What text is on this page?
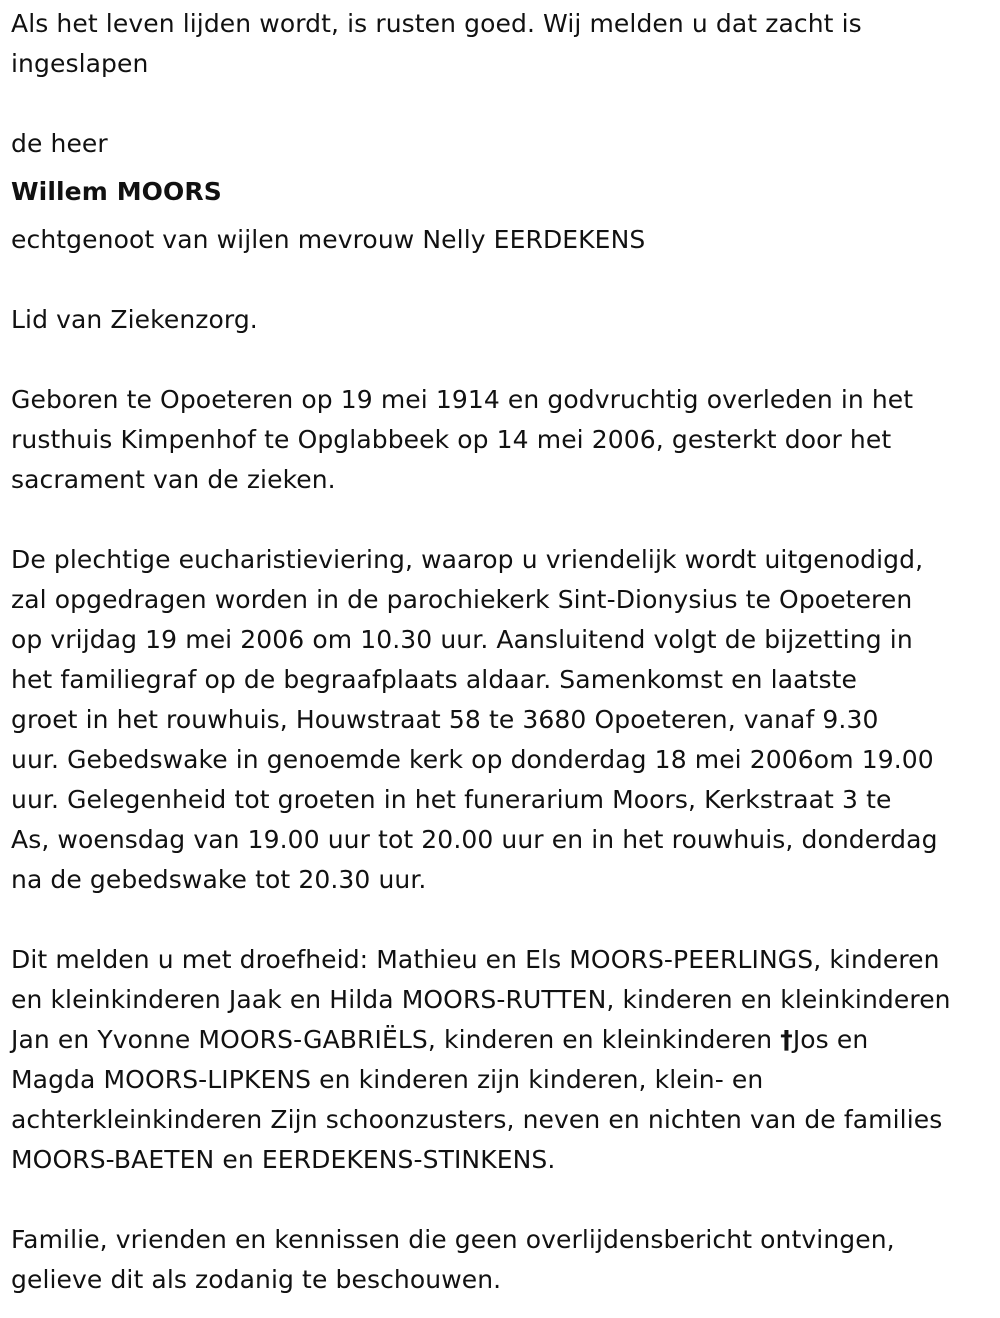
Als het leven lijden wordt, is rusten goed. Wij melden u dat zacht is
ingeslapen

de heer

Willem MOORS

echtgenoot van wijlen mevrouw Nelly EERDEKENS

Lid van Ziekenzorg.

Geboren te Opoeteren op 19 mei 1914 en godvruchtig overleden in het
rusthuis Kimpenhof te Opglabbeek op 14 mei 2006, gesterkt door het
sacrament van de zieken.

De plechtige eucharistieviering, waarop u vriendelijk wordt uitgenodigd,
zal opgedragen worden in de parochiekerk Sint-Dionysius te Opoeteren
op vrijdag 19 mei 2006 om 10.30 uur. Aansluitend volgt de bijzetting in
het familiegraf op de begraafplaats aldaar. Samenkomst en laatste
groet in het rouwhuis, Houwstraat 58 te 3680 Opoeteren, vanaf 9.30
uur. Gebedswake in genoemde kerk op donderdag 18 mei 2006om 19.00
uur. Gelegenheid tot groeten in het funerarium Moors, Kerkstraat 3 te
As, woensdag van 19.00 uur tot 20.00 uur en in het rouwhuis, donderdag
na de gebedswake tot 20.30 uur.

Dit melden u met droefheid: Mathieu en Els MOORS-PEERLINGS, kinderen
en kleinkinderen Jaak en Hilda MOORS-RUTTEN, kinderen en kleinkinderen
Jan en Yvonne MOORS-GABRIËLS, kinderen en kleinkinderen †Jos en
Magda MOORS-LIPKENS en kinderen zijn kinderen, klein- en
achterkleinkinderen Zijn schoonzusters, neven en nichten van de families
MOORS-BAETEN en EERDEKENS-STINKENS.

Familie, vrienden en kennissen die geen overlijdensbericht ontvingen,
gelieve dit als zodanig te beschouwen.
